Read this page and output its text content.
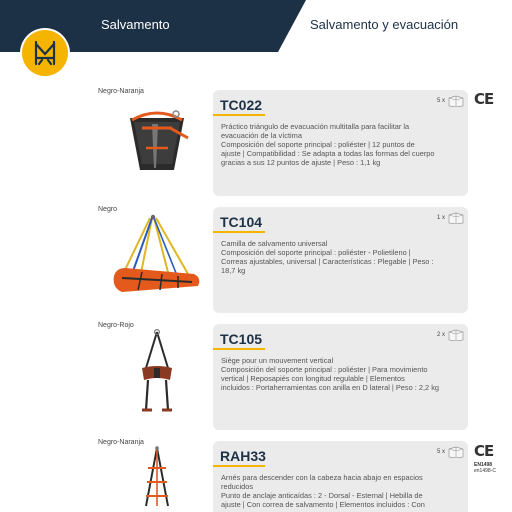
Salvamento	Salvamento y evacuación
Negro-Naranja
TC022	5 x

Práctico triángulo de evacuación multitalla para facilitar la

evacuación de la víctima

Composición del soporte principal : poliéster | 12 puntos de

ajuste | Compatibilidad : Se adapta a todas las formas del cuerpo

gracias a sus 12 puntos de ajuste | Peso : 1,1 kg

CE
Negro
TC104	1 x

Camilla de salvamento universal

Composición del soporte principal : poliéster - Polietileno |

Correas ajustables, universal | Características : Plegable | Peso :

18,7 kg

Negro-Rojo
TC105	2 x

Siège pour un mouvement vertical

Composición del soporte principal : poliéster | Para movimiento

vertical | Reposapiés con longitud regulable | Elementos

incluidos : Portaherramientas con anilla en D lateral | Peso : 2,2 kg

Negro-Naranja
RAH33	5 x

Arnés para descender con la cabeza hacia abajo en espacios

reducidos

Punto de anclaje anticaídas : 2 - Dorsal - Esternal | Hebilla de

ajuste | Con correa de salvamento | Elementos incluidos : Con

CE
EN1498
en1498-C
